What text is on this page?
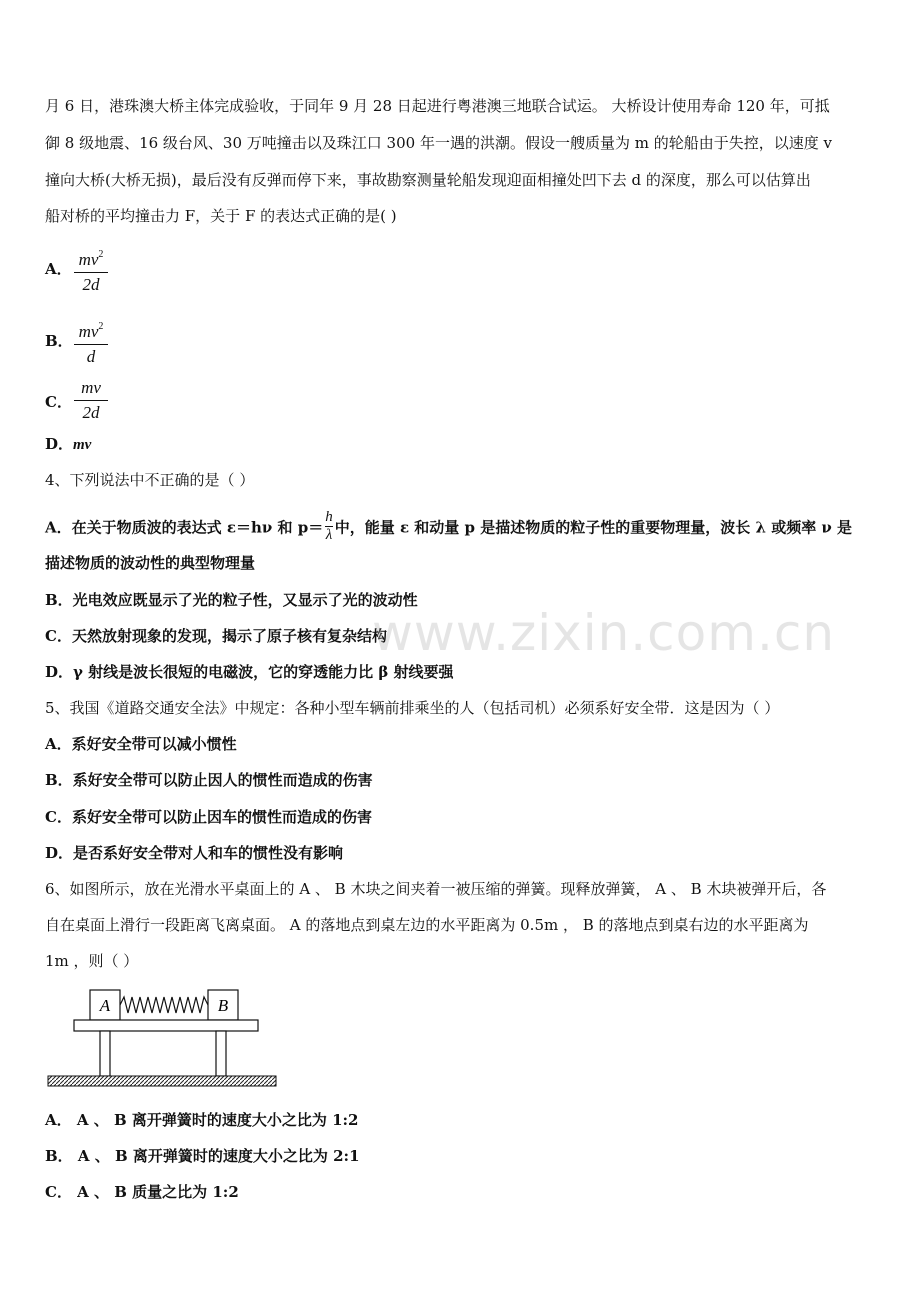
月 6 日，港珠澳大桥主体完成验收，于同年 9 月 28 日起进行粤港澳三地联合试运。 大桥设计使用寿命 120 年，可抵
御 8 级地震、16 级台风、30 万吨撞击以及珠江口 300 年一遇的洪潮。假设一艘质量为 m 的轮船由于失控，以速度 v
撞向大桥(大桥无损)，最后没有反弹而停下来，事故勘察测量轮船发现迎面相撞处凹下去 d 的深度，那么可以估算出
船对桥的平均撞击力 F，关于 F 的表达式正确的是( )
A． $mv^2$
2d
B． $mv^2$
d
C．
mv
2d
D．mv
4、下列说法中不正确的是（ ）
A．在关于物质波的表达式 ε＝hν 和 $p= \frac{h}{\lambda}$ 中，能量 ε 和动量 p 是描述物质的粒子性的重要物理量，波长 λ 或频率 ν 是
描述物质的波动性的典型物理量
B．光电效应既显示了光的粒子性，又显示了光的波动性
C．天然放射现象的发现，揭示了原子核有复杂结构
D．γ 射线是波长很短的电磁波，它的穿透能力比 β 射线要强
5、我国《道路交通安全法》中规定：各种小型车辆前排乘坐的人（包括司机）必须系好安全带．这是因为（ ）
A．系好安全带可以减小惯性
B．系好安全带可以防止因人的惯性而造成的伤害
C．系好安全带可以防止因车的惯性而造成的伤害
D．是否系好安全带对人和车的惯性没有影响
6、如图所示，放在光滑水平桌面上的 A 、 B 木块之间夹着一被压缩的弹簧。现释放弹簧， A 、 B 木块被弹开后，各
自在桌面上滑行一段距离飞离桌面。 A 的落地点到桌左边的水平距离为 0.5m ， B 的落地点到桌右边的水平距离为
1m ，则（ ）
A	B
A． A 、 B 离开弹簧时的速度大小之比为 1:2
B． A 、 B 离开弹簧时的速度大小之比为 2:1
C． A 、 B 质量之比为 1:2
www.zixin.com.cn
